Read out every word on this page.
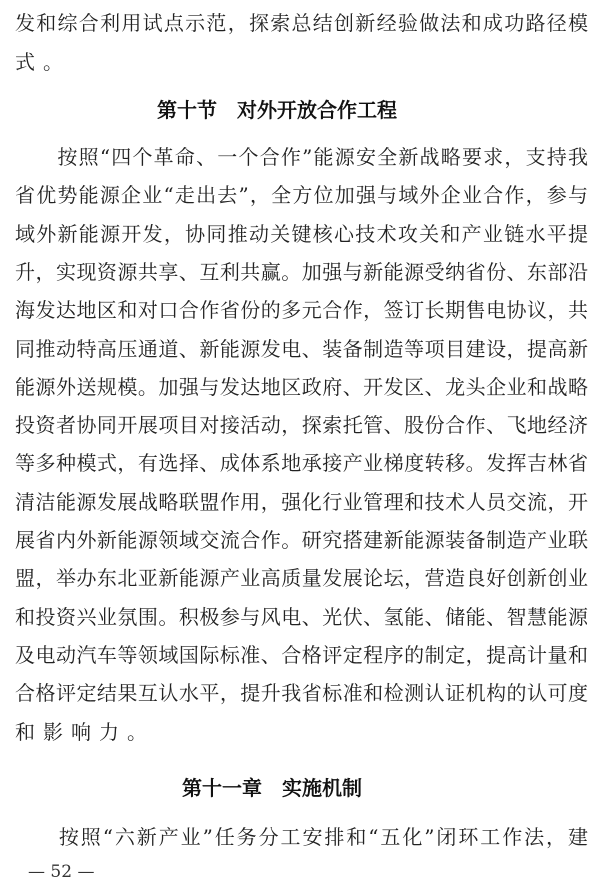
发和综合利用试点示范，探索总结创新经验做法和成功路径模
式。
第十节　对外开放合作工程
　　按照“四个革命、一个合作”能源安全新战略要求，支持我
省优势能源企业“走出去”，全方位加强与域外企业合作，参与
域外新能源开发，协同推动关键核心技术攻关和产业链水平提
升，实现资源共享、互利共赢。加强与新能源受纳省份、东部沿
海发达地区和对口合作省份的多元合作，签订长期售电协议，共
同推动特高压通道、新能源发电、装备制造等项目建设，提高新
能源外送规模。加强与发达地区政府、开发区、龙头企业和战略
投资者协同开展项目对接活动，探索托管、股份合作、飞地经济
等多种模式，有选择、成体系地承接产业梯度转移。发挥吉林省
清洁能源发展战略联盟作用，强化行业管理和技术人员交流，开
展省内外新能源领域交流合作。研究搭建新能源装备制造产业联
盟，举办东北亚新能源产业高质量发展论坛，营造良好创新创业
和投资兴业氛围。积极参与风电、光伏、氢能、储能、智慧能源
及电动汽车等领域国际标准、合格评定程序的制定，提高计量和
合格评定结果互认水平，提升我省标准和检测认证机构的认可度
和影响力。
第十一章　实施机制
　　按照“六新产业”任务分工安排和“五化”闭环工作法，建
— 52 —
